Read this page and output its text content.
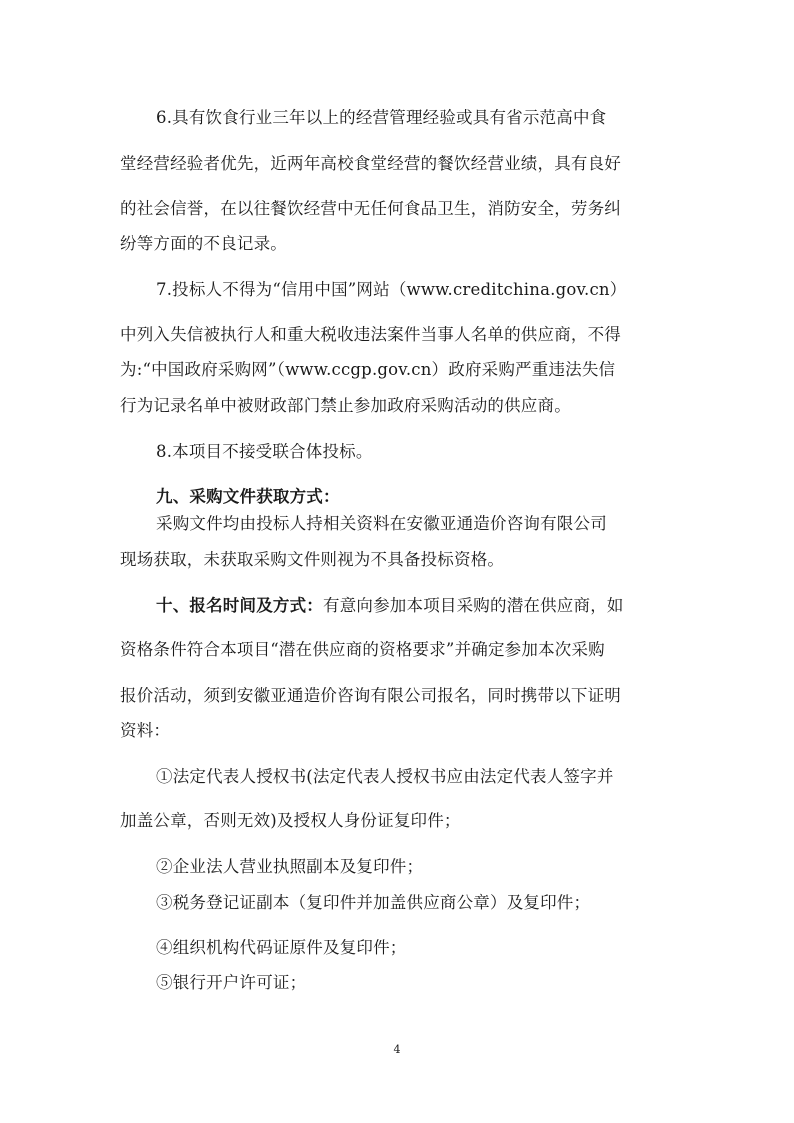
6.具有饮食行业三年以上的经营管理经验或具有省示范高中食
堂经营经验者优先，近两年高校食堂经营的餐饮经营业绩，具有良好
的社会信誉，在以往餐饮经营中无任何食品卫生，消防安全，劳务纠
纷等方面的不良记录。
7.投标人不得为“信用中国”网站（www.creditchina.gov.cn）
中列入失信被执行人和重大税收违法案件当事人名单的供应商，不得
为:“中国政府采购网”（www.ccgp.gov.cn）政府采购严重违法失信
行为记录名单中被财政部门禁止参加政府采购活动的供应商。
8.本项目不接受联合体投标。
九、采购文件获取方式：
采购文件均由投标人持相关资料在安徽亚通造价咨询有限公司
现场获取，未获取采购文件则视为不具备投标资格。
十、报名时间及方式：有意向参加本项目采购的潜在供应商，如
资格条件符合本项目“潜在供应商的资格要求”并确定参加本次采购
报价活动，须到安徽亚通造价咨询有限公司报名，同时携带以下证明
资料：
①法定代表人授权书(法定代表人授权书应由法定代表人签字并
加盖公章，否则无效)及授权人身份证复印件；
②企业法人营业执照副本及复印件；
③税务登记证副本（复印件并加盖供应商公章）及复印件；
④组织机构代码证原件及复印件；
⑤银行开户许可证；
4
